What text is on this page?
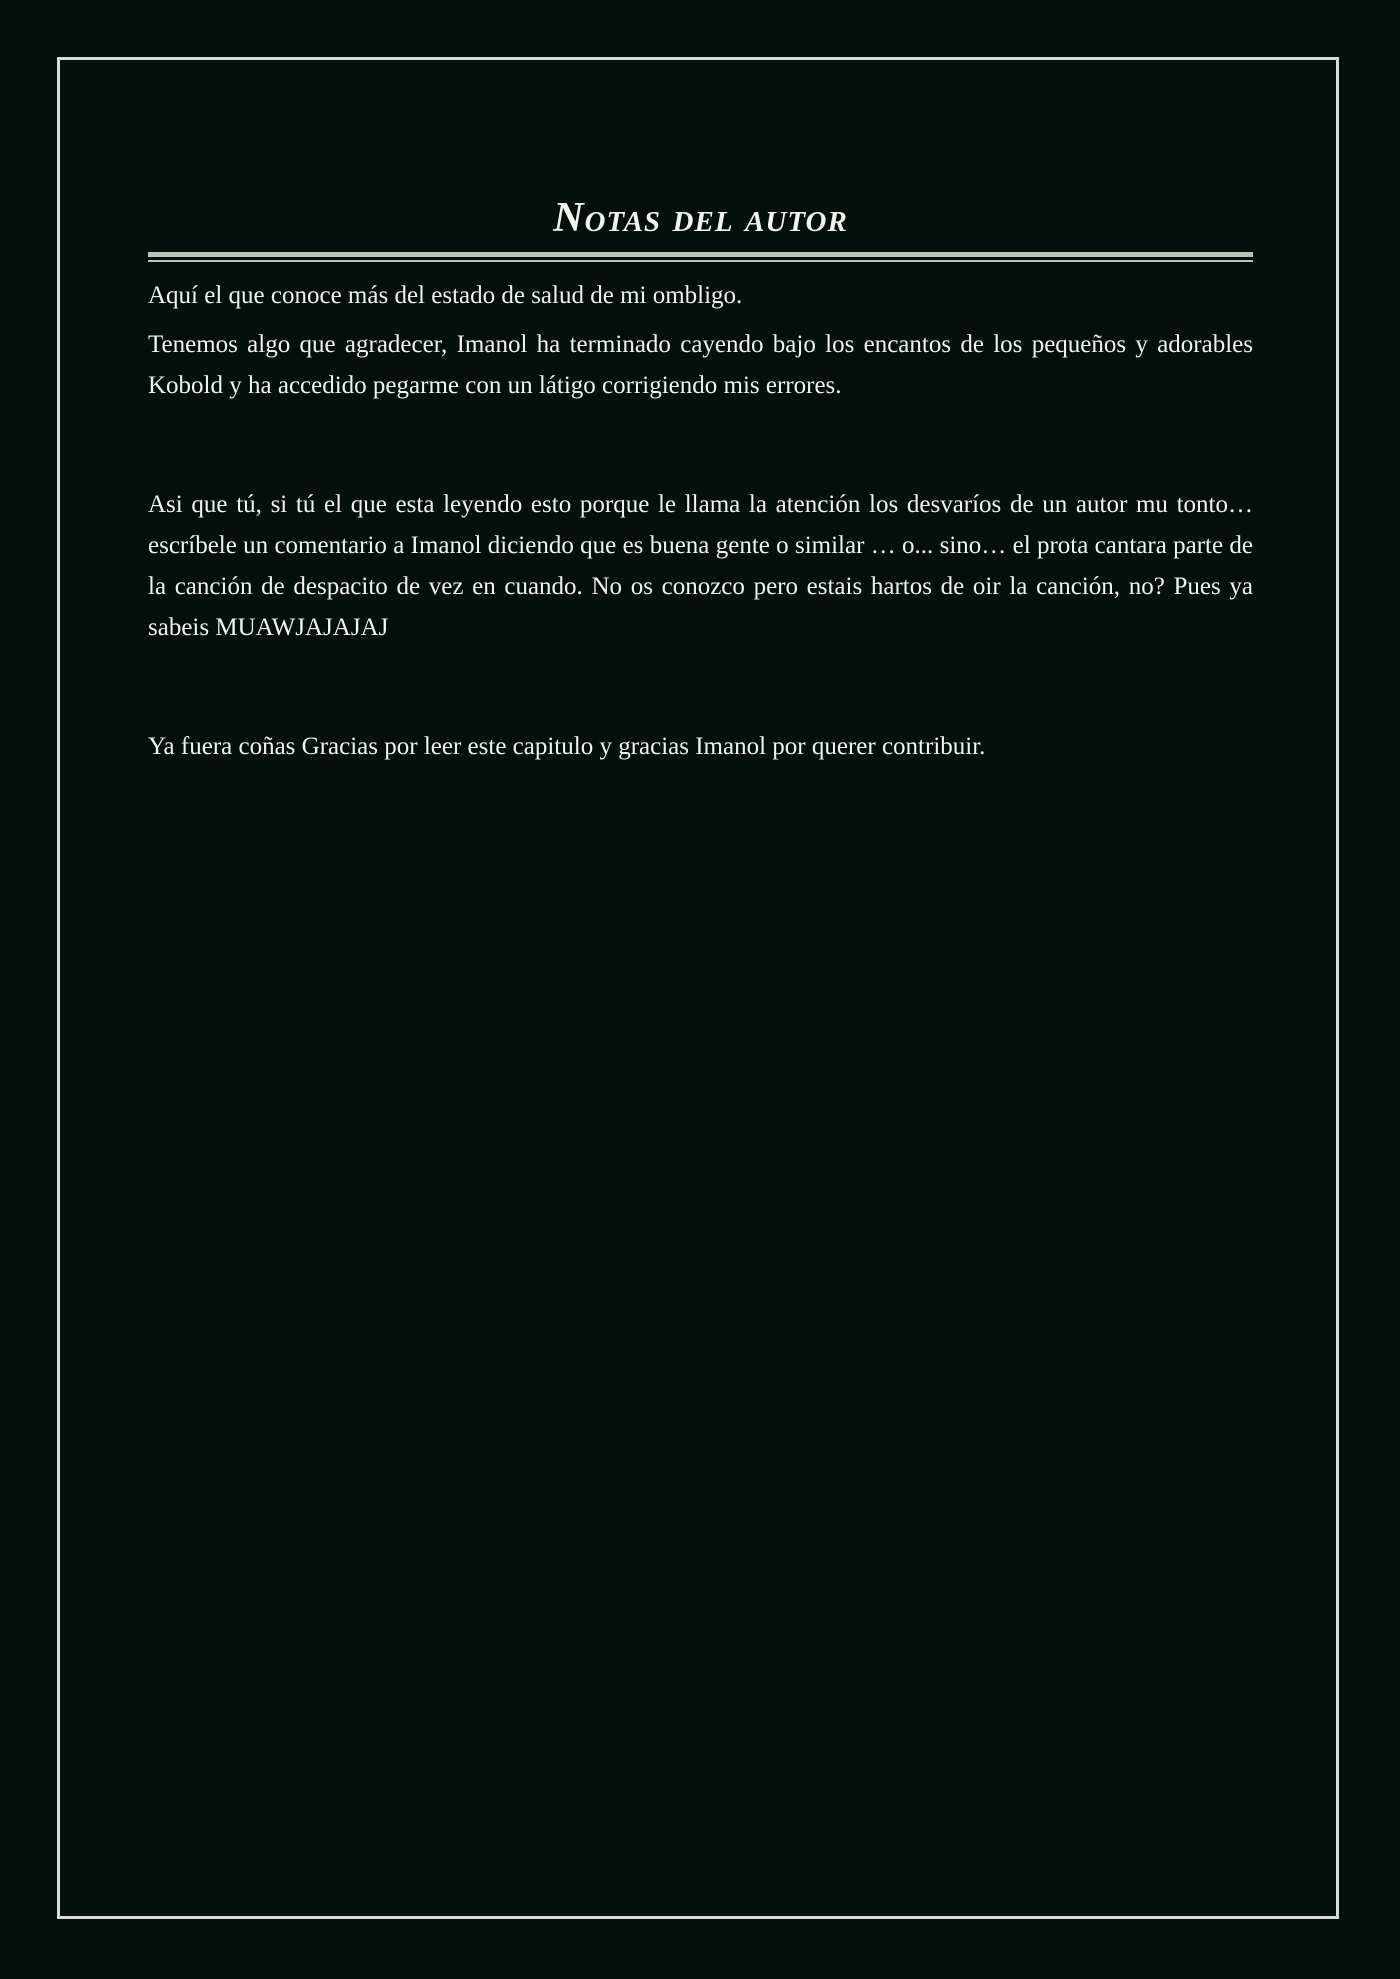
Notas del autor

Aquí el que conoce más del estado de salud de mi ombligo.

Tenemos algo que agradecer, Imanol ha terminado cayendo bajo los encantos de los pequeños y adorables Kobold y ha accedido pegarme con un látigo corrigiendo mis errores.

Asi que tú, si tú el que esta leyendo esto porque le llama la atención los desvaríos de un autor mu tonto… escríbele un comentario a Imanol diciendo que es buena gente o similar … o... sino… el prota cantara parte de la canción de despacito de vez en cuando. No os conozco pero estais hartos de oir la canción, no? Pues ya sabeis MUAWJAJAJAJ

Ya fuera coñas Gracias por leer este capitulo y gracias Imanol por querer contribuir.
